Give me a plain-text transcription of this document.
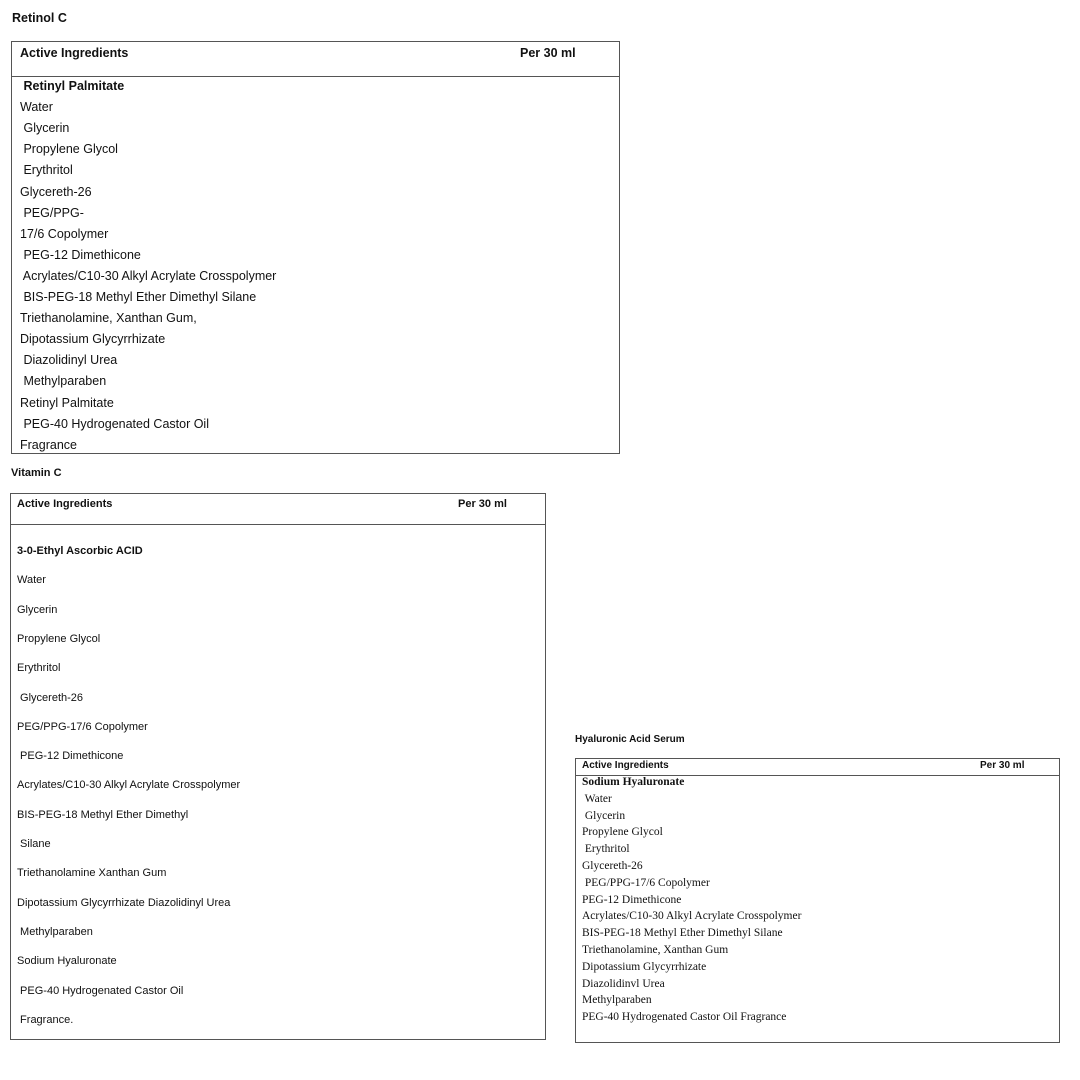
Retinol C
Active Ingredients	Per 30 ml
Retinyl Palmitate
Water
Glycerin
Propylene Glycol
Erythritol
Glycereth-26
PEG/PPG-
17/6 Copolymer
PEG-12 Dimethicone
Acrylates/C10-30 Alkyl Acrylate Crosspolymer
BIS-PEG-18 Methyl Ether Dimethyl Silane
Triethanolamine, Xanthan Gum,
Dipotassium Glycyrrhizate
Diazolidinyl Urea
Methylparaben
Retinyl Palmitate
PEG-40 Hydrogenated Castor Oil
Fragrance
Vitamin C
Active Ingredients	Per 30 ml
3-0-Ethyl Ascorbic ACID
Water
Glycerin
Propylene Glycol
Erythritol
Glycereth-26
PEG/PPG-17/6 Copolymer
PEG-12 Dimethicone
Acrylates/C10-30 Alkyl Acrylate Crosspolymer
BIS-PEG-18 Methyl Ether Dimethyl
Silane
Triethanolamine Xanthan Gum
Dipotassium Glycyrrhizate Diazolidinyl Urea
Methylparaben
Sodium Hyaluronate
PEG-40 Hydrogenated Castor Oil
Fragrance.
Hyaluronic Acid Serum
Active Ingredients	Per 30 ml
Sodium Hyaluronate
Water
Glycerin
Propylene Glycol
Erythritol
Glycereth-26
PEG/PPG-17/6 Copolymer
PEG-12 Dimethicone
Acrylates/C10-30 Alkyl Acrylate Crosspolymer
BIS-PEG-18 Methyl Ether Dimethyl Silane
Triethanolamine, Xanthan Gum
Dipotassium Glycyrrhizate
Diazolidinvl Urea
Methylparaben
PEG-40 Hydrogenated Castor Oil Fragrance
